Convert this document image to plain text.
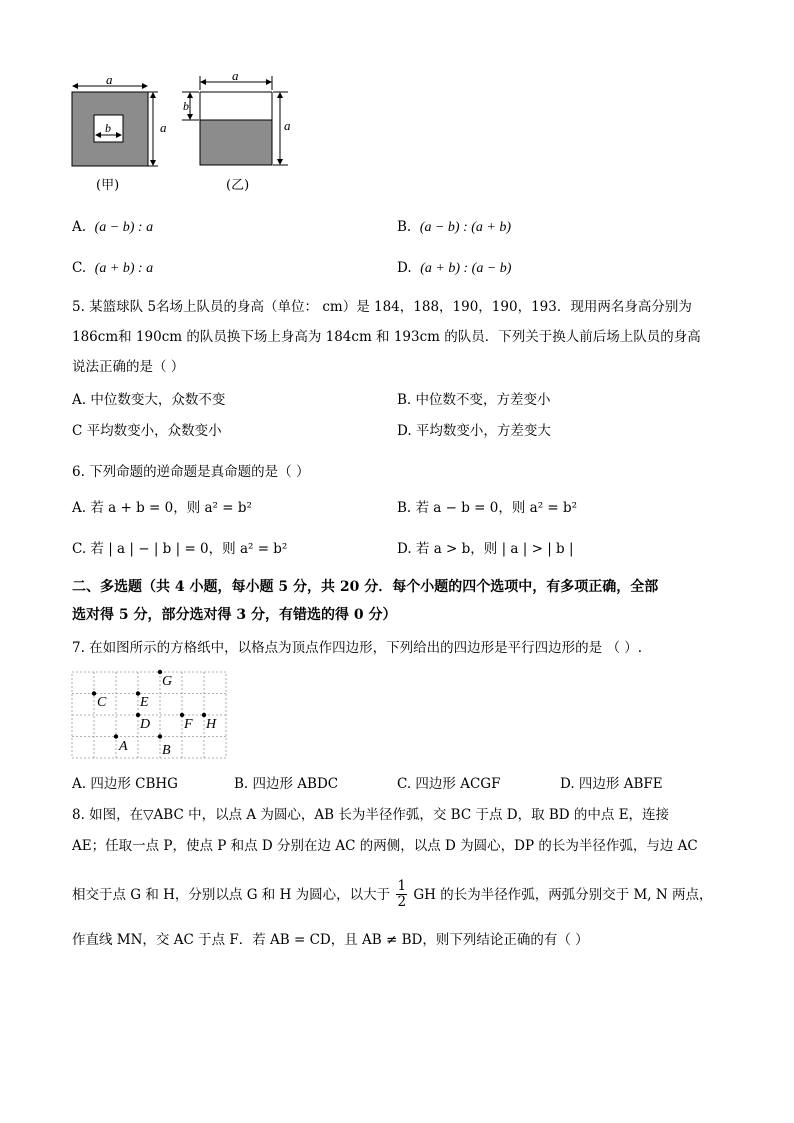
a
b	a
(甲)
a
b
a
(乙)
A. (a − b) : a	B. (a − b) : (a + b)
C. (a + b) : a	D. (a + b) : (a − b)
5. 某篮球队 5名场上队员的身高（单位： cm）是 184，188，190，190，193．现用两名身高分别为
186cm和 190cm 的队员换下场上身高为 184cm 和 193cm 的队员．下列关于换人前后场上队员的身高
说法正确的是（ ）
A. 中位数变大，众数不变	B. 中位数不变，方差变小
C 平均数变小，众数变小	D. 平均数变小，方差变大
6. 下列命题的逆命题是真命题的是（ ）
A. 若 a + b = 0，则 a² = b²	B. 若 a − b = 0，则 a² = b²
C. 若 | a | − | b | = 0，则 a² = b²	D. 若 a > b，则 | a | > | b |
二、多选题（共 4 小题，每小题 5 分，共 20 分．每个小题的四个选项中，有多项正确，全部
选对得 5 分，部分选对得 3 分，有错选的得 0 分）
7. 在如图所示的方格纸中，以格点为顶点作四边形，下列给出的四边形是平行四边形的是 （ ）.
G
C E
D F H
A B
A. 四边形 CBHG	B. 四边形 ABDC	C. 四边形 ACGF	D. 四边形 ABFE
8. 如图，在▽ABC 中，以点 A 为圆心，AB 长为半径作弧，交 BC 于点 D，取 BD 的中点 E，连接
AE；任取一点 P，使点 P 和点 D 分别在边 AC 的两侧，以点 D 为圆心，DP 的长为半径作弧，与边 AC
相交于点 G 和 H，分别以点 G 和 H 为圆心，以大于 $\frac{1}{2}$ GH 的长为半径作弧，两弧分别交于 M, N 两点，
作直线 MN，交 AC 于点 F．若 AB = CD，且 AB ≠ BD，则下列结论正确的有（ ）
